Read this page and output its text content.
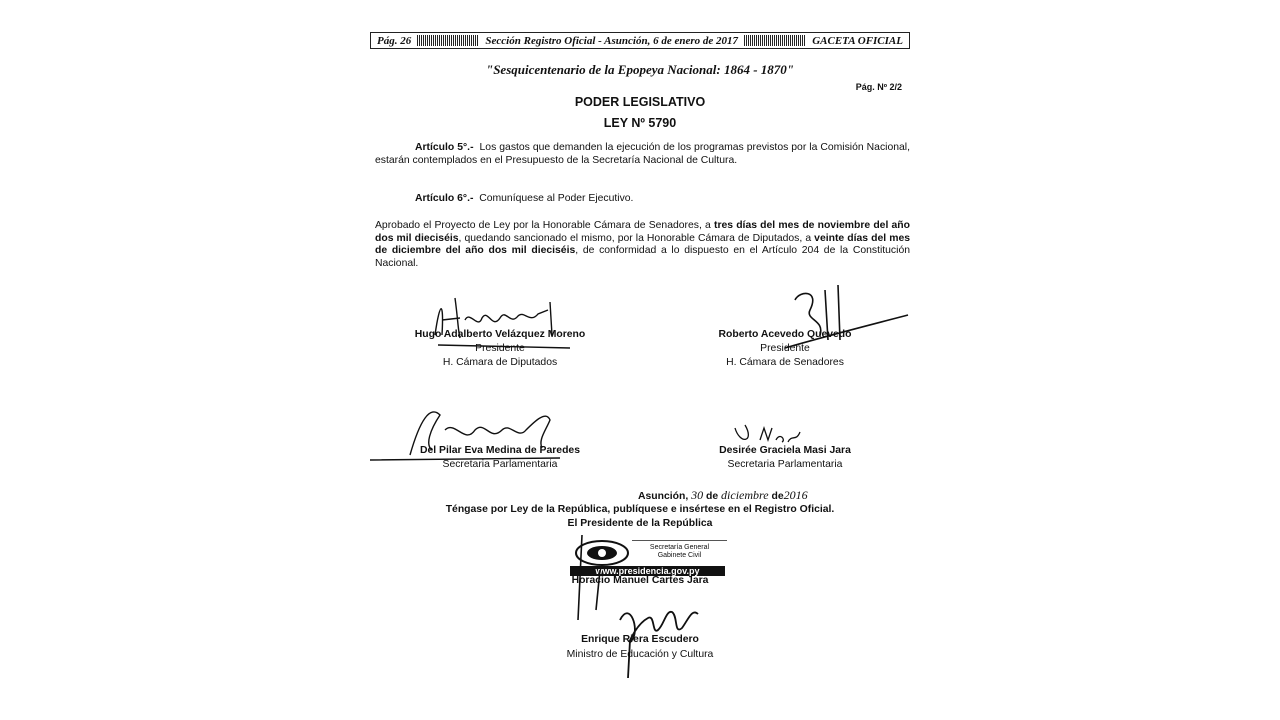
Pág. 26	Sección Registro Oficial - Asunción, 6 de enero de 2017	GACETA OFICIAL
"Sesquicentenario de la Epopeya Nacional: 1864 - 1870"
Pág. Nº 2/2
PODER LEGISLATIVO
LEY Nº 5790
Artículo 5°.- Los gastos que demanden la ejecución de los programas previstos por la Comisión Nacional, estarán contemplados en el Presupuesto de la Secretaría Nacional de Cultura.
Artículo 6°.- Comuníquese al Poder Ejecutivo.
Aprobado el Proyecto de Ley por la Honorable Cámara de Senadores, a tres días del mes de noviembre del año dos mil dieciséis, quedando sancionado el mismo, por la Honorable Cámara de Diputados, a veinte días del mes de diciembre del año dos mil dieciséis, de conformidad a lo dispuesto en el Artículo 204 de la Constitución Nacional.
Hugo Adalberto Velázquez Moreno
Presidente
H. Cámara de Diputados
Roberto Acevedo Quevedo
Presidente
H. Cámara de Senadores
Del Pilar Eva Medina de Paredes
Secretaria Parlamentaria
Desirée Graciela Masi Jara
Secretaria Parlamentaria
Asunción, 30 de diciembre de2016
Téngase por Ley de la República, publíquese e insértese en el Registro Oficial.
El Presidente de la República
Secretaría General
Gabinete Civil
www.presidencia.gov.py
Horacio Manuel Cartes Jara
Enrique Riera Escudero
Ministro de Educación y Cultura
